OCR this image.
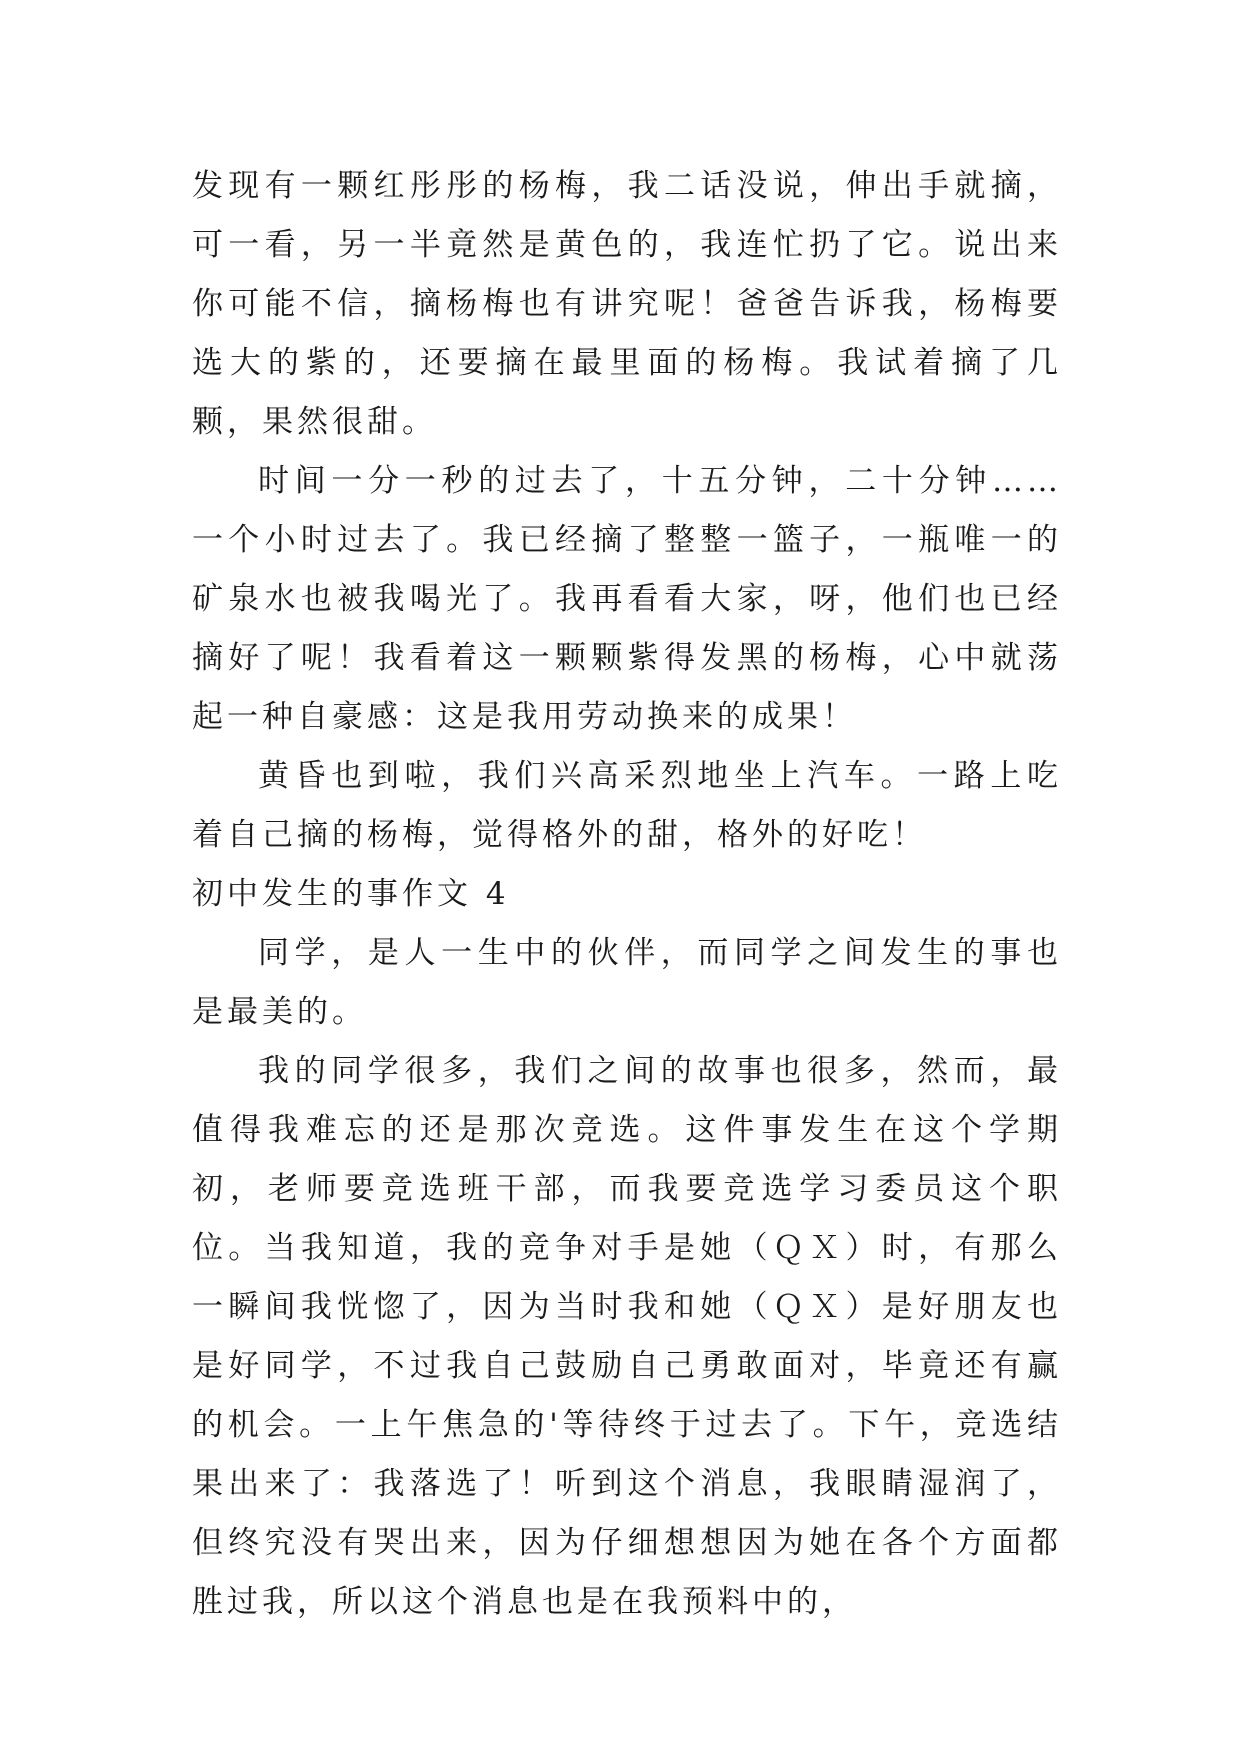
发现有一颗红彤彤的杨梅，我二话没说，伸出手就摘，可一看，另一半竟然是黄色的，我连忙扔了它。说出来你可能不信，摘杨梅也有讲究呢！爸爸告诉我，杨梅要选大的紫的，还要摘在最里面的杨梅。我试着摘了几颗，果然很甜。

时间一分一秒的过去了，十五分钟，二十分钟……一个小时过去了。我已经摘了整整一篮子，一瓶唯一的矿泉水也被我喝光了。我再看看大家，呀，他们也已经摘好了呢！我看着这一颗颗紫得发黑的杨梅，心中就荡起一种自豪感：这是我用劳动换来的成果！

黄昏也到啦，我们兴高采烈地坐上汽车。一路上吃着自己摘的杨梅，觉得格外的甜，格外的好吃！

初中发生的事作文 4

同学，是人一生中的伙伴，而同学之间发生的事也是最美的。

我的同学很多，我们之间的故事也很多，然而，最值得我难忘的还是那次竞选。这件事发生在这个学期初，老师要竞选班干部，而我要竞选学习委员这个职位。当我知道，我的竞争对手是她（ＱＸ）时，有那么一瞬间我恍惚了，因为当时我和她（ＱＸ）是好朋友也是好同学，不过我自己鼓励自己勇敢面对，毕竟还有赢的机会。一上午焦急的'等待终于过去了。下午，竞选结果出来了：我落选了！听到这个消息，我眼睛湿润了，但终究没有哭出来，因为仔细想想因为她在各个方面都胜过我，所以这个消息也是在我预料中的，
